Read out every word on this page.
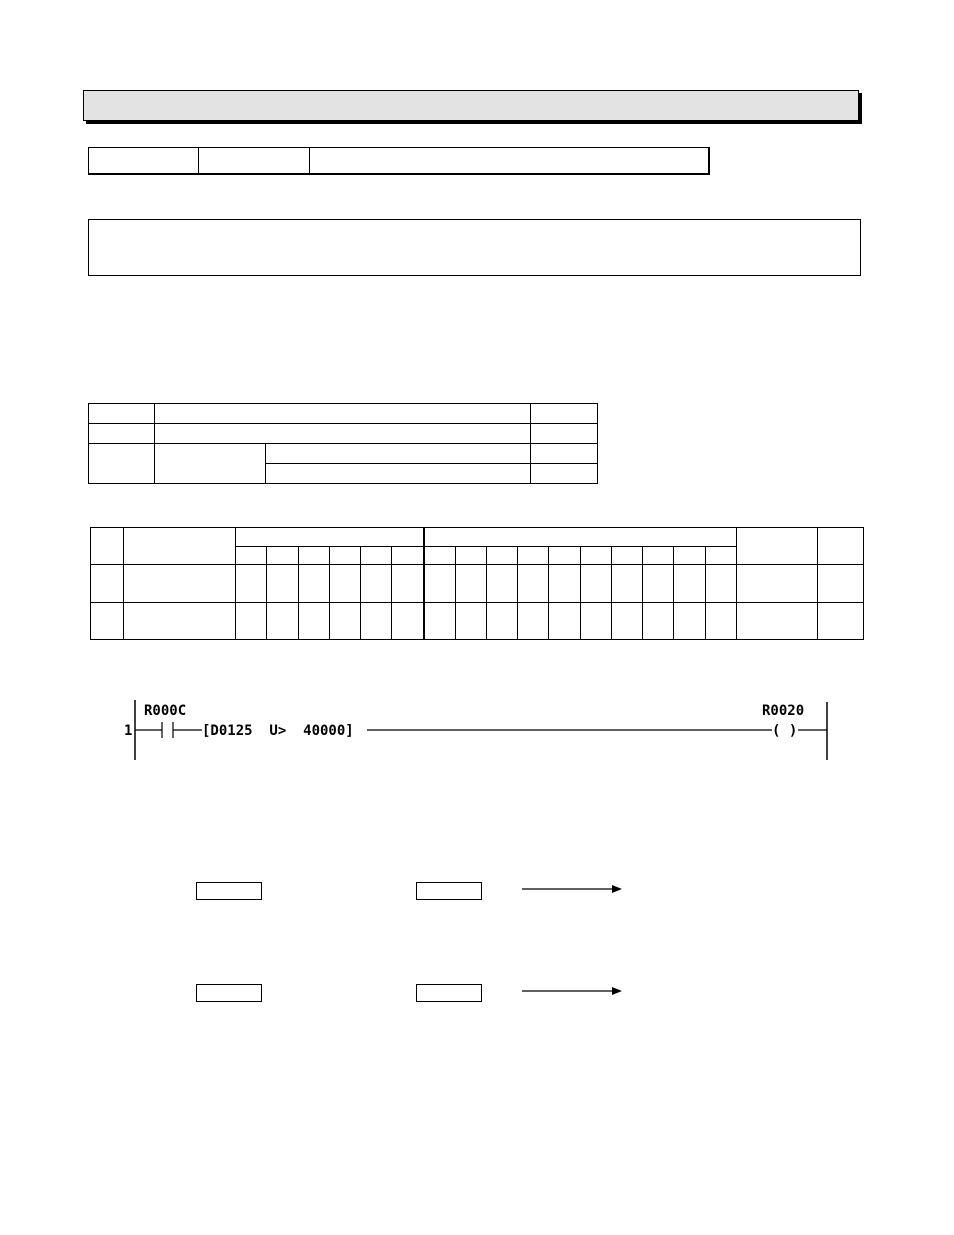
1
R000C
[D0125  U>  40000]
R0020
( )
